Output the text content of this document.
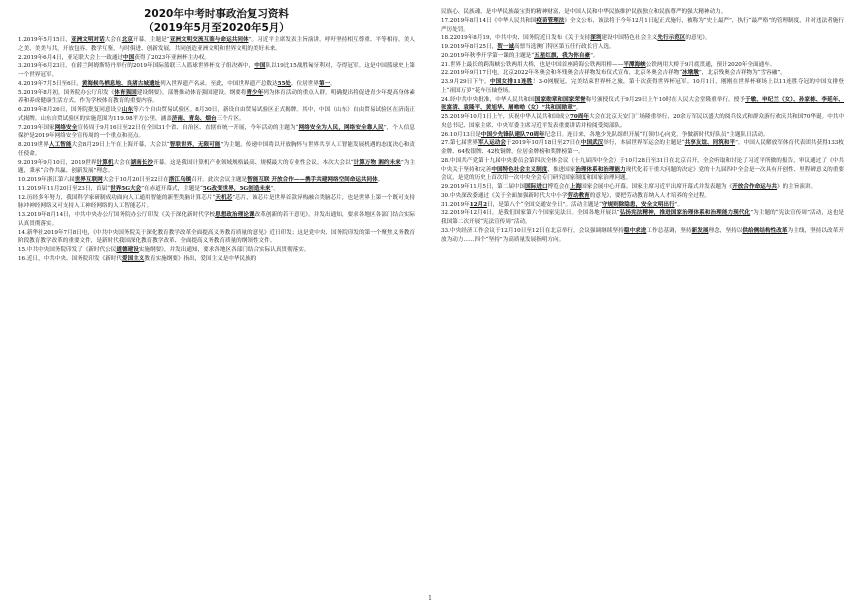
2020年中考时事政治复习资料
（2019年5月至2020年5月）

1.2019年5月15日，亚洲文明对话大会在北京开幕。主题是“亚洲文明交流互鉴与命运共同体”。习近平主席发表主旨演讲，呼吁坚持相互尊重、平等相待，美人之美、美美与共，开放包容、教学互鉴，与时俱进、创新发展，共同创造亚洲文明和世界文明的美好未来。

2.2019年6月4日，亚足联大会上一致通过中国获得了2023年亚洲杯主办权。

3.2019年6月23日，在薛兰阿姆斯特丹举行的2019年国际篮联三人篮球世界杯女子组决赛中，中国队以19比15战胜匈牙利对，夺得冠军。这是中国篮球史上第一个世界冠军。

4.2019年7月5日至6日，黄海候鸟栖息地、良渚古城遗址列入世界遗产名录。至此，中国世界遗产总数达55处，位居世界第一。

5.2019年8月初，国务院办公厅印发《体育强国建设纲要》，部署推动体育强国建设。纲要将青少年列为体育活动的重点人群，明确提出将促进青少年提高身体素养和养成健康生活方式、作为学校体育教育的重要内容。

6.2019年8月26日，国务院批复同意设立山东等六个自由贸易试验区。8月30日，新设自由贸易试验区正式揭牌。其中，中国（山东）自由贸易试验区在济南正式揭牌。山东自贸试验区的实施范围为119.98平方公里，涵盖济南、青岛、烟台三个片区。

7.2019年国家网络安全宣传周于9月16日至22日在全国31个省、自治区、直辖市统一开展，今年活动的主题为“网络安全为人民，网络安全靠人民”，个人信息保护是2019年网络安全宣传周的一个重点和亮点。

8.2019世界人工智能大会8月29日上午在上海开幕，大会以“智联世界，无限可能”为主题，传递中国将以开放胸怀与世界共享人工智能发展机遇的态度决心和责任使命。

9.2019年9月10日，2019世界计算机大会在湖南长沙开幕。这是我国计算机产业领域规格最高、规模最大的专业性会议。本次大会以“计算万物 湘约未来”为主题，秉承“合作共赢、创新发展”理念。

10.2019年浙江第六届世界互联网大会于10月20日至22日在浙江乌镇召开。此次会议主题是智能互联 开放合作——携手共建网络空间命运共同体。

11.2019年11月20日至23日，首届“世界5G大会”在赤道开幕式，主题是“5G改变世界，5G创造未来”。

12.历经多年努力，我国科学家研制成功面向人工通用智能的新型类脑计算芯片“天机芯”芯片，该芯片是世界首款异构融合类脑芯片，也是世界上第一个既可支持脉冲神经网络又可支持人工神经网络的人工智能芯片。

13.2019年8月14日，中共中央办公厅国务院办公厅印发《关于深化新时代学校思想政治理论课改革创新的若干意见》，并发出通知，要求各地区各部门结合实际认真贯彻落实。

14.新华社2019年7月8日电，《中共中央国务院关于深化教育教学改革全面提高义务教育质量的意见》近日印发；这是党中央、国务院印发的第一个聚焦义务教育阶段教育教学改革的重要文件，是新时代我国深化教育教学改革、全面提高义务教育质量的纲领性文件。

15.中共中央国务院印发了《新时代公民道德建设实施纲要》，并发出通知，要求各地区各部门结合实际认真贯彻落实。

16.近日，中共中央、国务院印发《新时代爱国主义教育实施纲要》指出，爱国主义是中华民族的

民族心、民族魂，是中华民族最宝贵的精神财富，是中国人民和中华民族维护民族独立和民族尊严的强大精神动力。

17.2019年8月14日《中华人民共和国疫苗管理法》全文公布，该法将于今年12月1日起正式施行，被称为“史上最严”，执行“最严格”的管理制度，并对违法者施行严厉处罚。

18.22019年8月19，中共中央、国务院近日发布《关于支持深圳建设中国特色社会主义先行示范区的意见》。

19.2019年8月25日，贺一诚高票当选澳门特区第五任行政长官人选。

20.2019年秋季开学第一课的主题是“五星红旗，我为你自豪”。

21.世界上最长的跨海峡公铁两用大桥，也是中国首座跨海公铁两用桥——平潭海峡公铁两用大桥于9月底贯通，预计2020年全面通车。

22.2019年9月17日电，北京2022年冬奥会和冬残奥会吉祥物发布仪式宣布，北京冬奥会吉祥物“冰墩墩”，北京残奥会吉祥物为“雪容融”。

23.9月29日下午，中国女排11连胜！3-0网舰冠，完美结束世界杯之旅，第十次获得世界杯冠军。10月1日，刚刚在世界杯赛场上以11连胜夺冠的中国女排登上“祖国万岁”花车压轴登场。

24.经中共中央批准，中华人民共和国国家勋章和国家荣誉称号颁授仪式于9月29日上午10时在人民大会堂隆重举行。授予于敏、申纪兰（女）、孙家栋、李延年、张富清、袁隆平、黄旭华、屠呦呦（女）“共和国勋章”。

25.2019年10月1日上午，庆祝中华人民共和国成立70周年大会在北京天安门广场隆重举行，20余万军民以盛大的阅兵仪式和群众游行欢庆共和国70华诞。中共中央总书记、国家主席、中央军委主席习近平发表重要讲话并检阅受阅部队。

26.10月13日是中国少先锋队建队70周年纪念日。连日来，各地少先队组织开展“红领巾心向党，争做新时代好队员”主题队日活动。

27.第七届世界军人运动会于2019年10月18日至27日在中国武汉举行，本届世界军运会的主题是“共享友谊、同筑和平”。中国人民解放军体育代表团共获得133枚金牌、64枚银牌、42枚铜牌，位居金牌榜和奖牌榜第一。

28.中国共产党第十九届中央委员会第四次全体会议（十九届四中全会）于10月28日至31日在北京召开。全会听取和讨论了习近平所做的报告，审议通过了《中共中央关于坚持和完善中国特色社会主义制度，推进国家治理体系和治理能力现代化若干重大问题的决定》党的十九届四中全会是一次具有开创性、里程碑意义的重要会议，是党的历史上首次用一次中央全会专门研究国家制度和国家治理问题。

29.2019年11月5日，第二届中国国际进口博览会在上海国家会展中心开幕。国家主席习近平出席开幕式并发表题为《开放合作命运与共》的主旨演讲。

30.中央深改委通过《关于全面加强新时代大中小学劳动教育的意见》，要把劳动教育纳入人才培养的全过程。

31.2019年12月2日，是第八个“全国交通安全日”。活动主题是“守规则除隐患，安全文明出行”。

32.2019年12月4日，是我们国家第六个国家宪法日。全国各地开展以“弘扬宪法精神，推进国家治理体系和治理能力现代化”为主题的“宪法宣传周”活动，这也是我国第二次开展“宪法宣传周”活动。

33.中央经济工作会议于12月10日至12日在北京举行，会议强调继续坚持稳中求进工作总基调，坚持新发展理念，坚持以供给侧结构性改革为主线，坚持以改革开放为动力……四个“坚持”为高质量发展指明方向。

1
